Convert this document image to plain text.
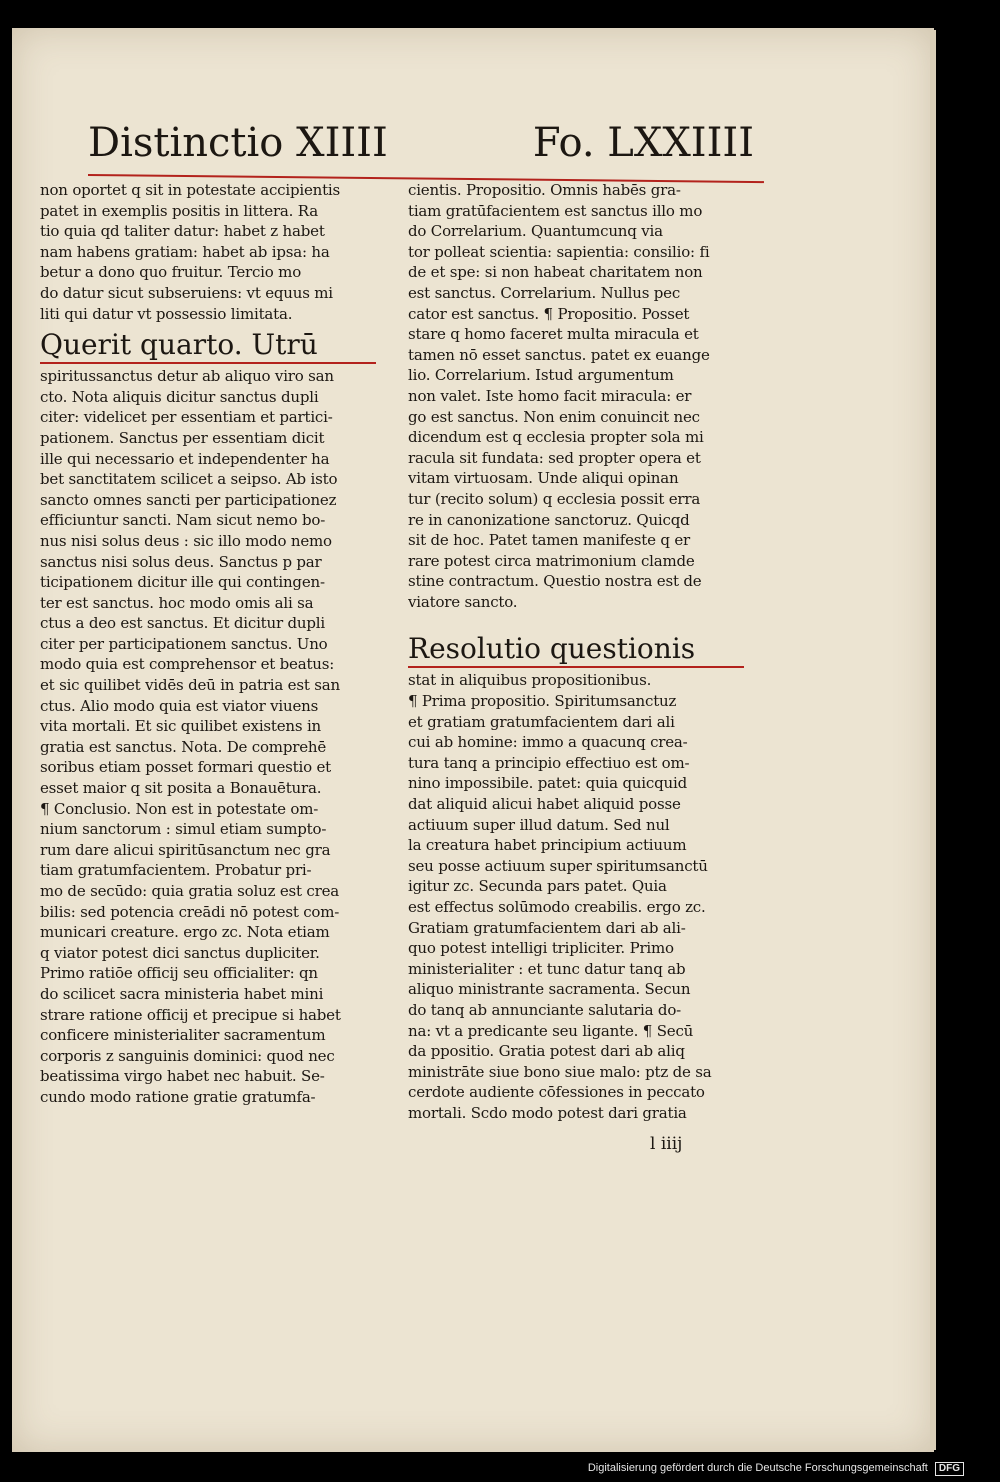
Distinctio XIIII	Fo. LXXIIII
non oportet q sit in potestate accipientis
patet in exemplis positis in littera. Ra
tio quia qd taliter datur: habet z habet
nam habens gratiam: habet ab ipsa: ha
betur a dono quo fruitur. Tercio mo
do datur sicut subseruiens: vt equus mi
liti qui datur vt possessio limitata.
Querit quarto. Utrū
spiritussanctus detur ab aliquo viro san
cto. Nota aliquis dicitur sanctus dupli
citer: videlicet per essentiam et partici-
pationem. Sanctus per essentiam dicit
ille qui necessario et independenter ha
bet sanctitatem scilicet a seipso. Ab isto
sancto omnes sancti per participationez
efficiuntur sancti. Nam sicut nemo bo-
nus nisi solus deus : sic illo modo nemo
sanctus nisi solus deus. Sanctus p par
ticipationem dicitur ille qui contingen-
ter est sanctus. hoc modo omis ali sa
ctus a deo est sanctus. Et dicitur dupli
citer per participationem sanctus. Uno
modo quia est comprehensor et beatus:
et sic quilibet vidēs deū in patria est san
ctus. Alio modo quia est viator viuens
vita mortali. Et sic quilibet existens in
gratia est sanctus. Nota. De comprehē
soribus etiam posset formari questio et
esset maior q sit posita a Bonauētura.
¶ Conclusio. Non est in potestate om-
nium sanctorum : simul etiam sumpto-
rum dare alicui spiritūsanctum nec gra
tiam gratumfacientem. Probatur pri-
mo de secūdo: quia gratia soluz est crea
bilis: sed potencia creādi nō potest com-
municari creature. ergo zc. Nota etiam
q viator potest dici sanctus dupliciter.
Primo ratiōe officij seu officialiter: qn
do scilicet sacra ministeria habet mini
strare ratione officij et precipue si habet
conficere ministerialiter sacramentum
corporis z sanguinis dominici: quod nec
beatissima virgo habet nec habuit. Se-
cundo modo ratione gratie gratumfa-
cientis. Propositio. Omnis habēs gra-
tiam gratūfacientem est sanctus illo mo
do Correlarium. Quantumcunq via
tor polleat scientia: sapientia: consilio: fi
de et spe: si non habeat charitatem non
est sanctus. Correlarium. Nullus pec
cator est sanctus. ¶ Propositio. Posset
stare q homo faceret multa miracula et
tamen nō esset sanctus. patet ex euange
lio. Correlarium. Istud argumentum
non valet. Iste homo facit miracula: er
go est sanctus. Non enim conuincit nec
dicendum est q ecclesia propter sola mi
racula sit fundata: sed propter opera et
vitam virtuosam. Unde aliqui opinan
tur (recito solum) q ecclesia possit erra
re in canonizatione sanctoruz. Quicqd
sit de hoc. Patet tamen manifeste q er
rare potest circa matrimonium clamde
stine contractum. Questio nostra est de
viatore sancto.
Resolutio questionis
stat in aliquibus propositionibus.
¶ Prima propositio. Spiritumsanctuz
et gratiam gratumfacientem dari ali
cui ab homine: immo a quacunq crea-
tura tanq a principio effectiuo est om-
nino impossibile. patet: quia quicquid
dat aliquid alicui habet aliquid posse
actiuum super illud datum. Sed nul
la creatura habet principium actiuum
seu posse actiuum super spiritumsanctū
igitur zc. Secunda pars patet. Quia
est effectus solūmodo creabilis. ergo zc.
Gratiam gratumfacientem dari ab ali-
quo potest intelligi tripliciter. Primo
ministerialiter : et tunc datur tanq ab
aliquo ministrante sacramenta. Secun
do tanq ab annunciante salutaria do-
na: vt a predicante seu ligante. ¶ Secū
da ppositio. Gratia potest dari ab aliq
ministrāte siue bono siue malo: ptz de sa
cerdote audiente cōfessiones in peccato
mortali. Scdo modo potest dari gratia
l iiij
Digitalisierung gefördert durch die Deutsche Forschungsgemeinschaft DFG
